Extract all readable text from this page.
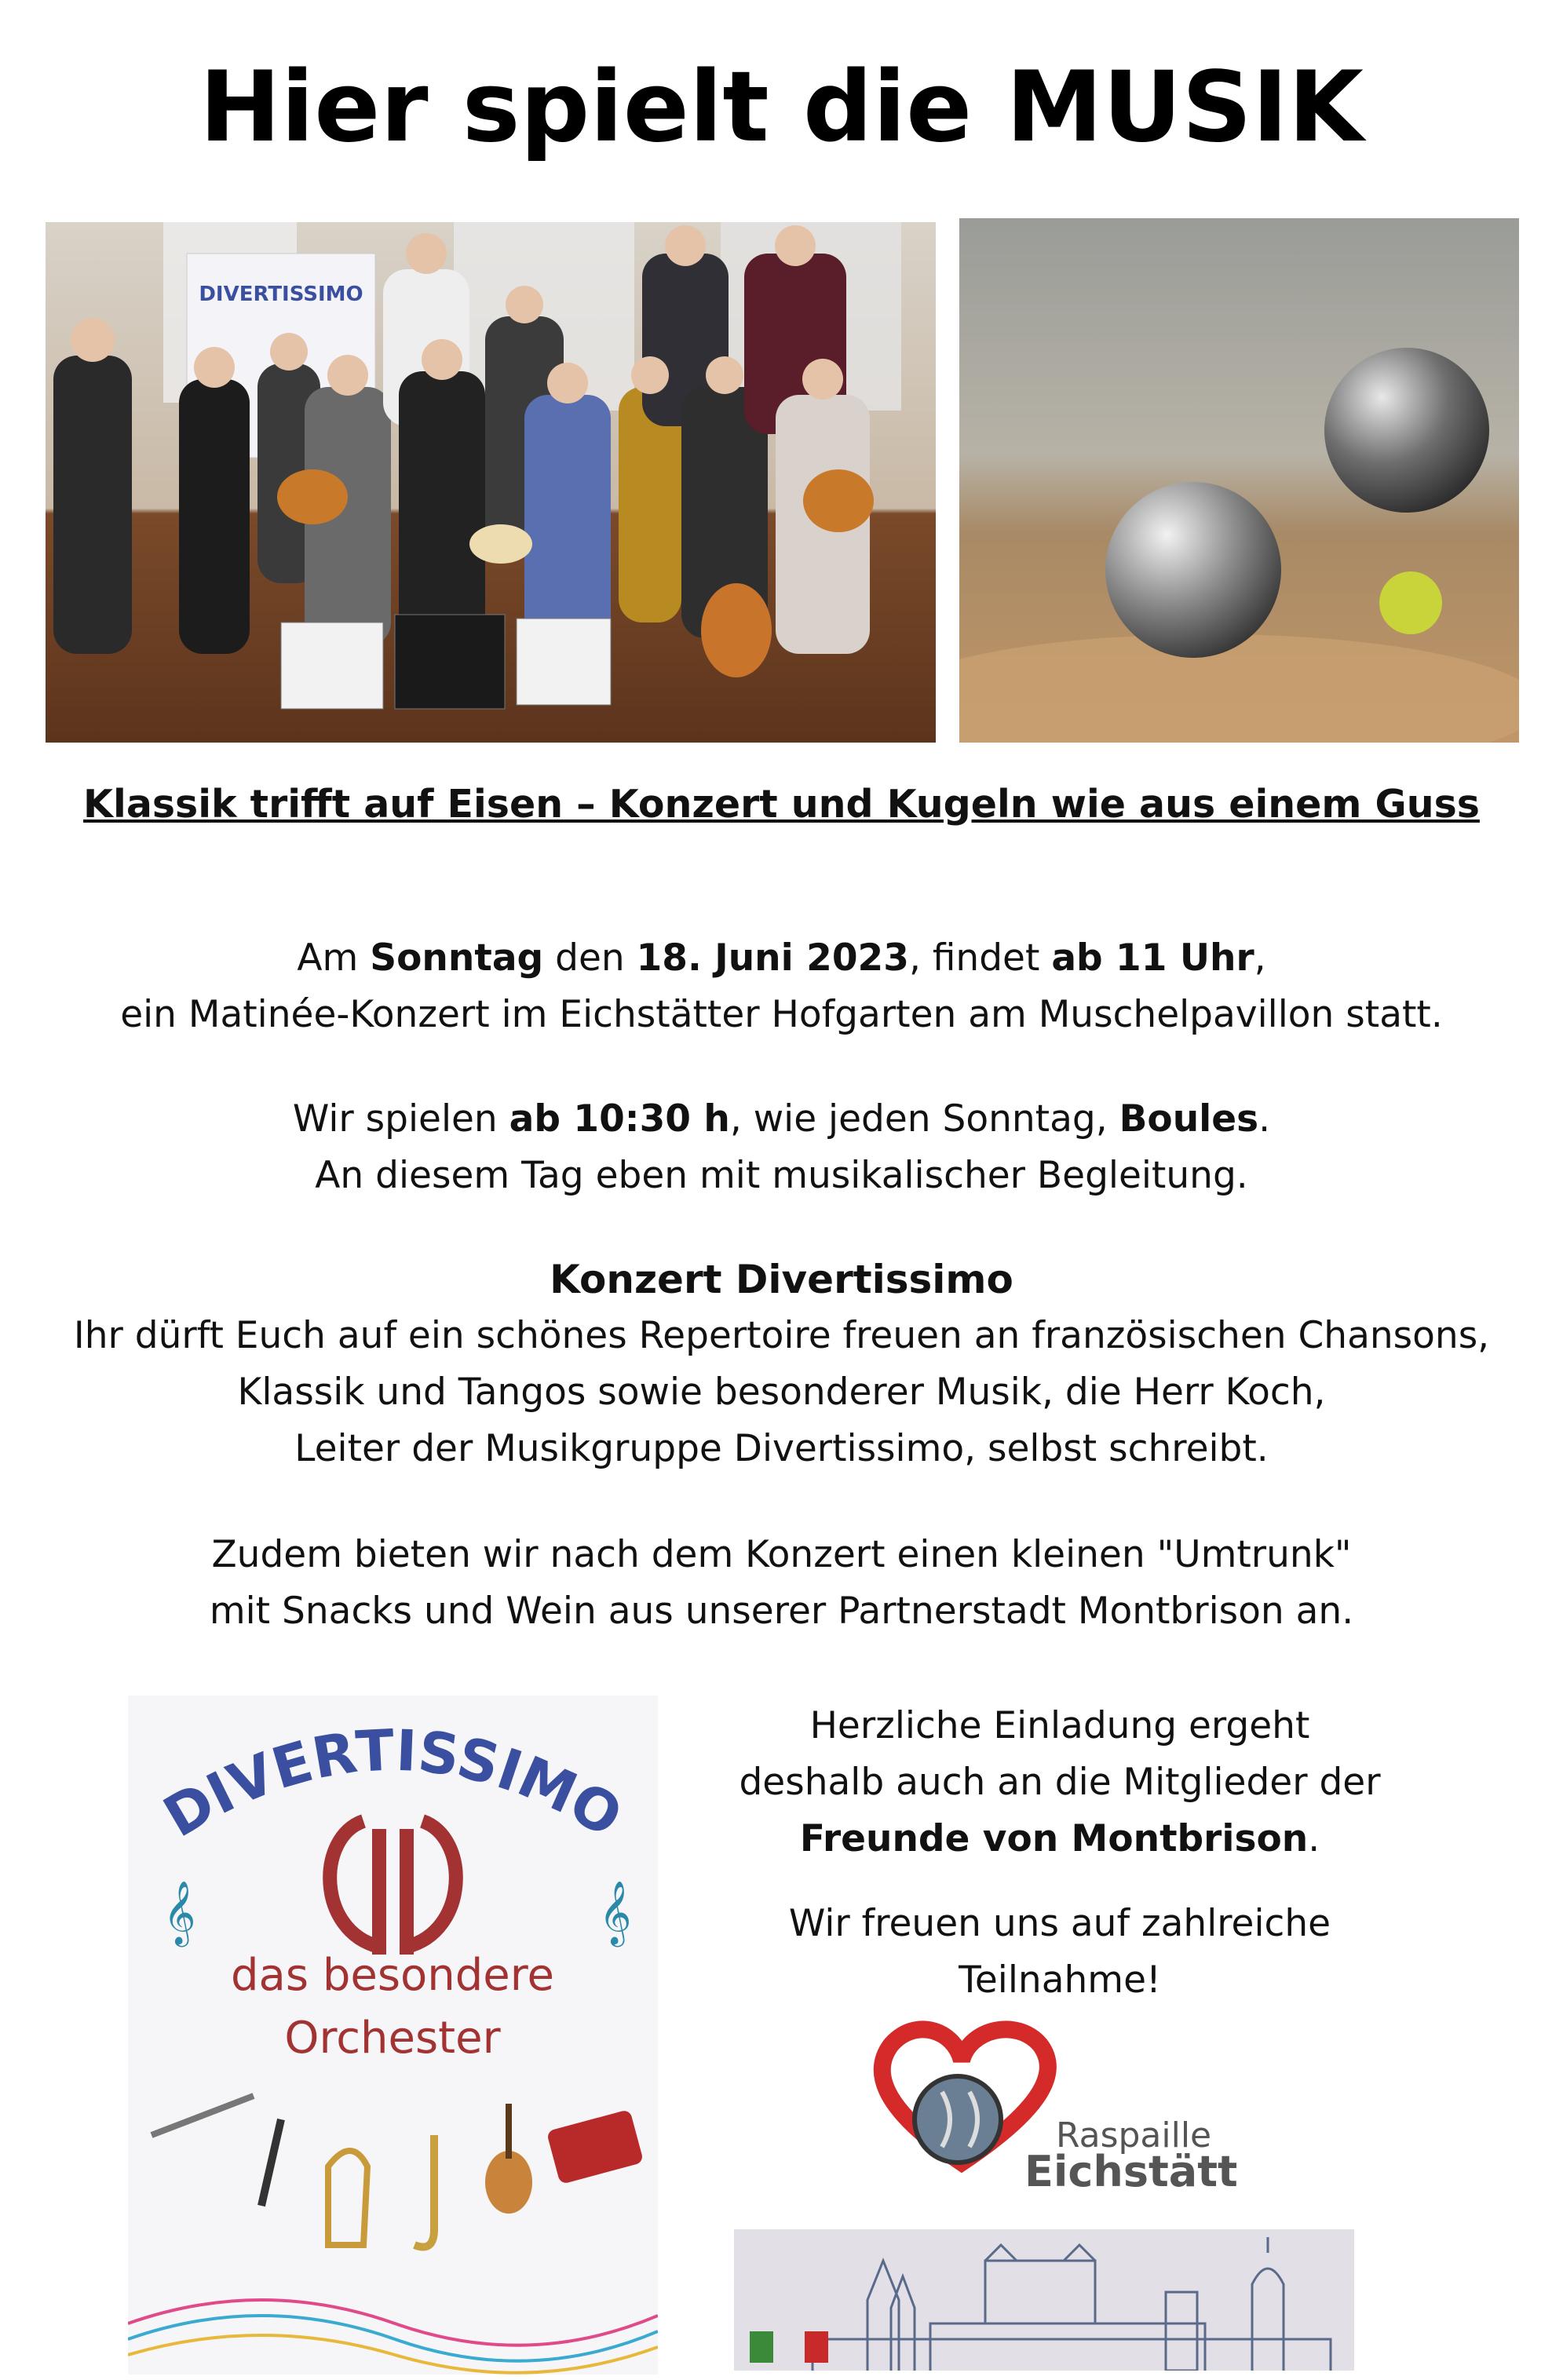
Hier spielt die MUSIK
DIVERTISSIMO
Klassik trifft auf Eisen – Konzert und Kugeln wie aus einem Guss
Am Sonntag den 18. Juni 2023, findet ab 11 Uhr,
ein Matinée-Konzert im Eichstätter Hofgarten am Muschelpavillon statt.
Wir spielen ab 10:30 h, wie jeden Sonntag, Boules.
An diesem Tag eben mit musikalischer Begleitung.
Konzert Divertissimo
Ihr dürft Euch auf ein schönes Repertoire freuen an französischen Chansons,
Klassik und Tangos sowie besonderer Musik, die Herr Koch,
Leiter der Musikgruppe Divertissimo, selbst schreibt.
Zudem bieten wir nach dem Konzert einen kleinen "Umtrunk"
mit Snacks und Wein aus unserer Partnerstadt Montbrison an.
DIVERTISSIMO
𝄞	𝄞
das besondere
Orchester
Herzliche Einladung ergeht
deshalb auch an die Mitglieder der
Freunde von Montbrison.
Wir freuen uns auf zahlreiche
Teilnahme!
Raspaille
Eichstätt
